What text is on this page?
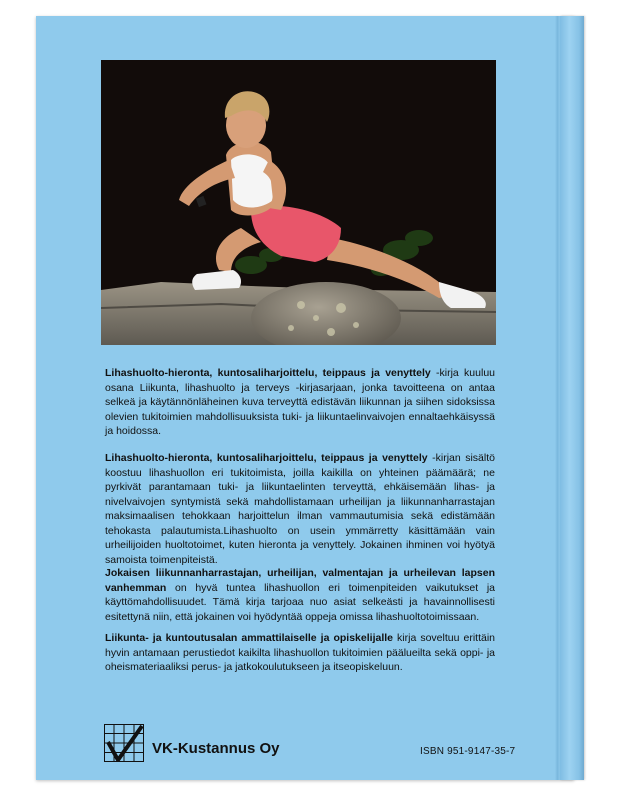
Lihashuolto-hieronta, kuntosaliharjoittelu, teippaus ja venyttely -kirja kuuluu osana Liikunta, lihashuolto ja terveys -kirjasarjaan, jonka tavoitteena on antaa selkeä ja käytännönläheinen kuva terveyttä edistävän liikunnan ja siihen sidoksissa olevien tukitoimien mahdollisuuksista tuki- ja liikuntaelinvaivojen ennaltaehkäisyssä ja hoidossa.
Lihashuolto-hieronta, kuntosaliharjoittelu, teippaus ja venyttely -kirjan sisältö koostuu lihashuollon eri tukitoimista, joilla kaikilla on yhteinen päämäärä; ne pyrkivät parantamaan tuki- ja liikuntaelinten terveyttä, ehkäisemään lihas- ja nivelvaivojen syntymistä sekä mahdollistamaan urheilijan ja liikunnanharrastajan maksimaalisen tehokkaan harjoittelun ilman vammautumisia sekä edistämään tehokasta palautumista.Lihashuolto on usein ymmärretty käsittämään vain urheilijoiden huoltotoimet, kuten hieronta ja venyttely. Jokainen ihminen voi hyötyä samoista toimenpiteistä.
Jokaisen liikunnanharrastajan, urheilijan, valmentajan ja urheilevan lapsen vanhemman on hyvä tuntea lihashuollon eri toimenpiteiden vaikutukset ja käyttömahdollisuudet. Tämä kirja tarjoaa nuo asiat selkeästi ja havainnollisesti esitettynä niin, että jokainen voi hyödyntää oppeja omissa lihashuoltotoimissaan.
Liikunta- ja kuntoutusalan ammattilaiselle ja opiskelijalle kirja soveltuu erittäin hyvin antamaan perustiedot kaikilta lihashuollon tukitoimien päälueilta sekä oppi- ja oheismateriaaliksi perus- ja jatkokoulutukseen ja itseopiskeluun.
VK-Kustannus Oy	ISBN 951-9147-35-7
